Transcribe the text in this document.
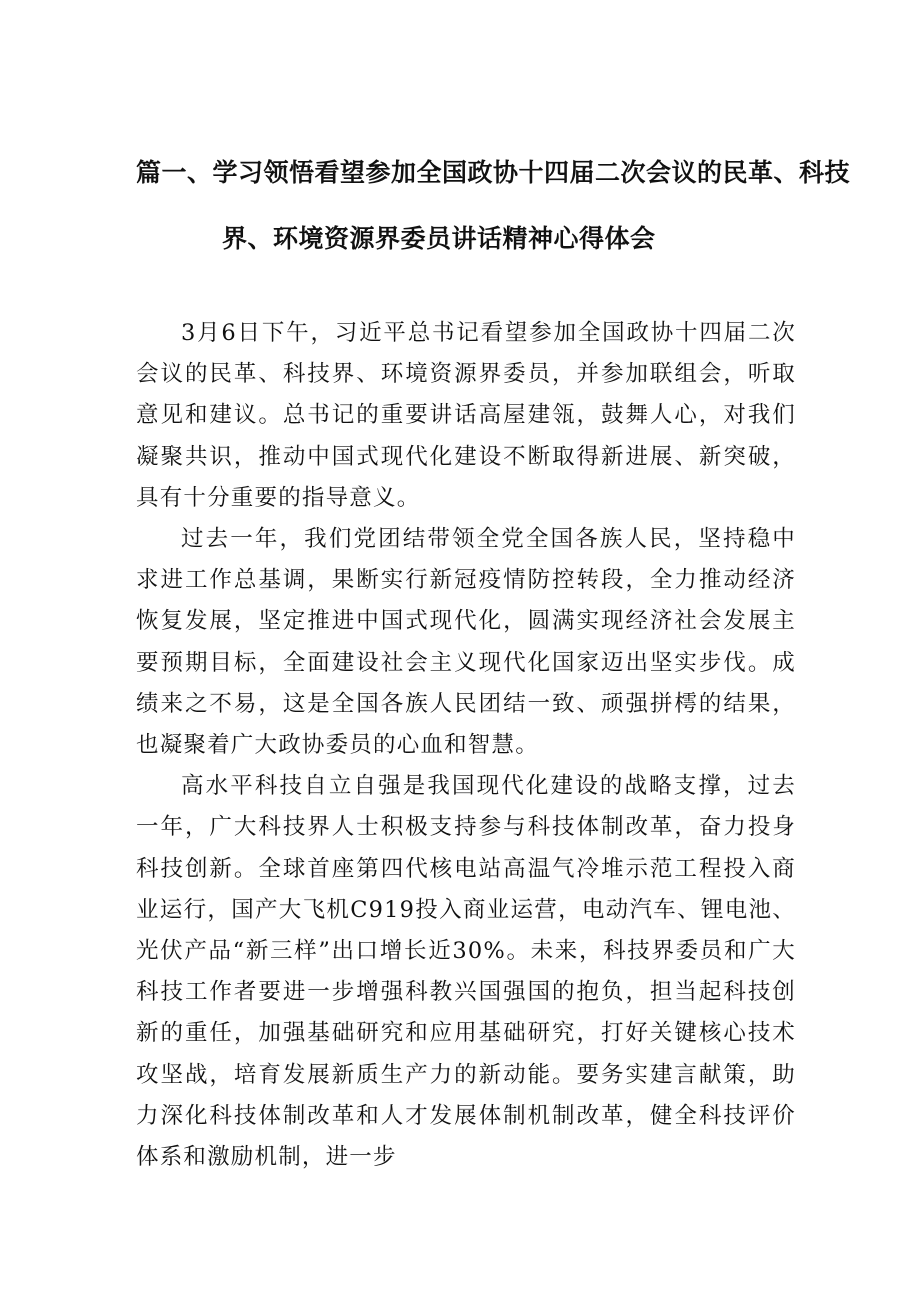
篇一、学习领悟看望参加全国政协十四届二次会议的民革、科技
界、环境资源界委员讲话精神心得体会

3月6日下午，习近平总书记看望参加全国政协十四届二次会议的民革、科技界、环境资源界委员，并参加联组会，听取意见和建议。总书记的重要讲话高屋建瓴，鼓舞人心，对我们凝聚共识，推动中国式现代化建设不断取得新进展、新突破，具有十分重要的指导意义。

过去一年，我们党团结带领全党全国各族人民，坚持稳中求进工作总基调，果断实行新冠疫情防控转段，全力推动经济恢复发展，坚定推进中国式现代化，圆满实现经济社会发展主要预期目标，全面建设社会主义现代化国家迈出坚实步伐。成绩来之不易，这是全国各族人民团结一致、顽强拼樗的结果，也凝聚着广大政协委员的心血和智慧。

高水平科技自立自强是我国现代化建设的战略支撑，过去一年，广大科技界人士积极支持参与科技体制改革，奋力投身科技创新。全球首座第四代核电站高温气冷堆示范工程投入商业运行，国产大飞机C919投入商业运营，电动汽车、锂电池、光伏产品“新三样”出口增长近30%。未来，科技界委员和广大科技工作者要进一步增强科教兴国强国的抱负，担当起科技创新的重任，加强基础研究和应用基础研究，打好关键核心技术攻坚战，培育发展新质生产力的新动能。要务实建言献策，助力深化科技体制改革和人才发展体制机制改革，健全科技评价体系和激励机制，进一步
